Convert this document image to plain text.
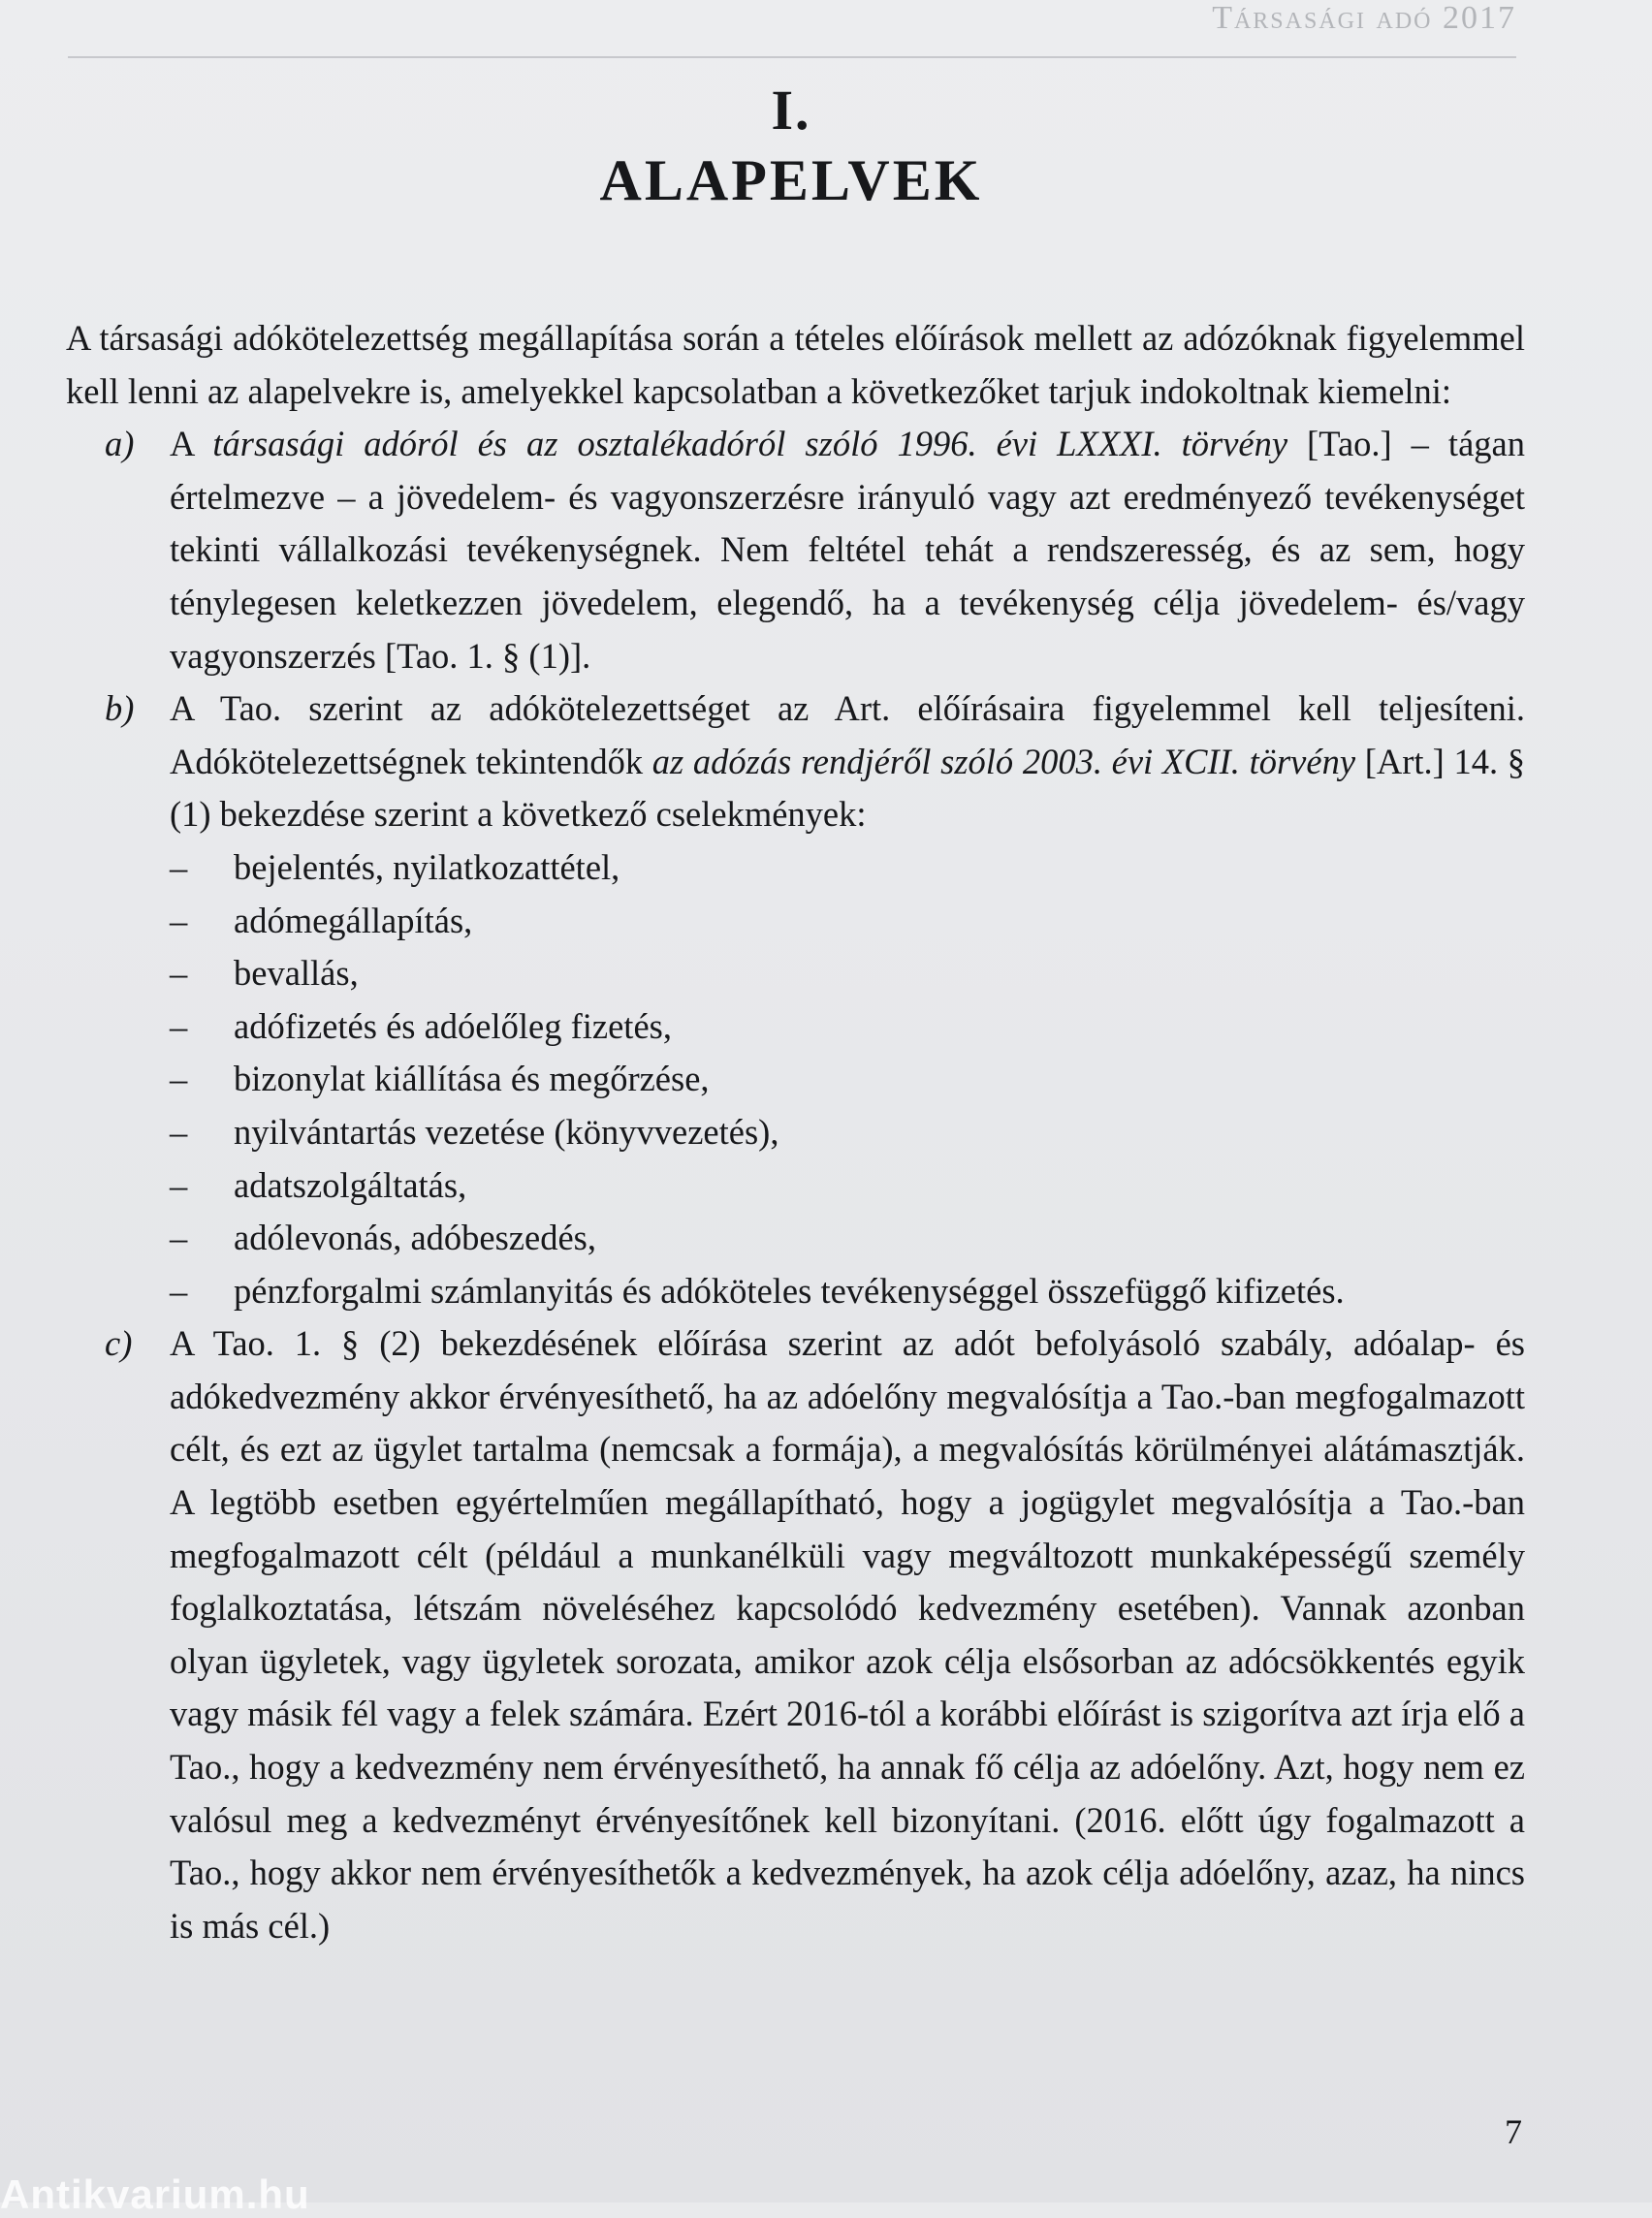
Társasági adó 2017
I.
ALAPELVEK

A társasági adókötelezettség megállapítása során a tételes előírások mellett az adózóknak figyelemmel kell lenni az alapelvekre is, amelyekkel kapcsolatban a következőket tarjuk indokoltnak kiemelni:

a) A társasági adóról és az osztalékadóról szóló 1996. évi LXXXI. törvény [Tao.] – tágan értelmezve – a jövedelem- és vagyonszerzésre irányuló vagy azt eredményező tevékenységet tekinti vállalkozási tevékenységnek. Nem feltétel tehát a rendszeresség, és az sem, hogy ténylegesen keletkezzen jövedelem, elegendő, ha a tevékenység célja jövedelem- és/vagy vagyonszerzés [Tao. 1. § (1)].

b) A Tao. szerint az adókötelezettséget az Art. előírásaira figyelemmel kell teljesíteni. Adókötelezettségnek tekintendők az adózás rendjéről szóló 2003. évi XCII. törvény [Art.] 14. § (1) bekezdése szerint a következő cselekmények:

–	bejelentés, nyilatkozattétel,
–	adómegállapítás,
–	bevallás,
–	adófizetés és adóelőleg fizetés,
–	bizonylat kiállítása és megőrzése,
–	nyilvántartás vezetése (könyvvezetés),
–	adatszolgáltatás,
–	adólevonás, adóbeszedés,
–	pénzforgalmi számlanyitás és adóköteles tevékenységgel összefüggő kifizetés.
c) A Tao. 1. § (2) bekezdésének előírása szerint az adót befolyásoló szabály, adóalap- és adókedvezmény akkor érvényesíthető, ha az adóelőny megvalósítja a Tao.-ban megfogalmazott célt, és ezt az ügylet tartalma (nemcsak a formája), a megvalósítás körülményei alátámasztják. A legtöbb esetben egyértelműen megállapítható, hogy a jogügylet megvalósítja a Tao.-ban megfogalmazott célt (például a munkanélküli vagy megváltozott munkaképességű személy foglalkoztatása, létszám növeléséhez kapcsolódó kedvezmény esetében). Vannak azonban olyan ügyletek, vagy ügyletek sorozata, amikor azok célja elsősorban az adócsökkentés egyik vagy másik fél vagy a felek számára. Ezért 2016-tól a korábbi előírást is szigorítva azt írja elő a Tao., hogy a kedvezmény nem érvényesíthető, ha annak fő célja az adóelőny. Azt, hogy nem ez valósul meg a kedvezményt érvényesítőnek kell bizonyítani. (2016. előtt úgy fogalmazott a Tao., hogy akkor nem érvényesíthetők a kedvezmények, ha azok célja adóelőny, azaz, ha nincs is más cél.)

7
Antikvarium.hu
